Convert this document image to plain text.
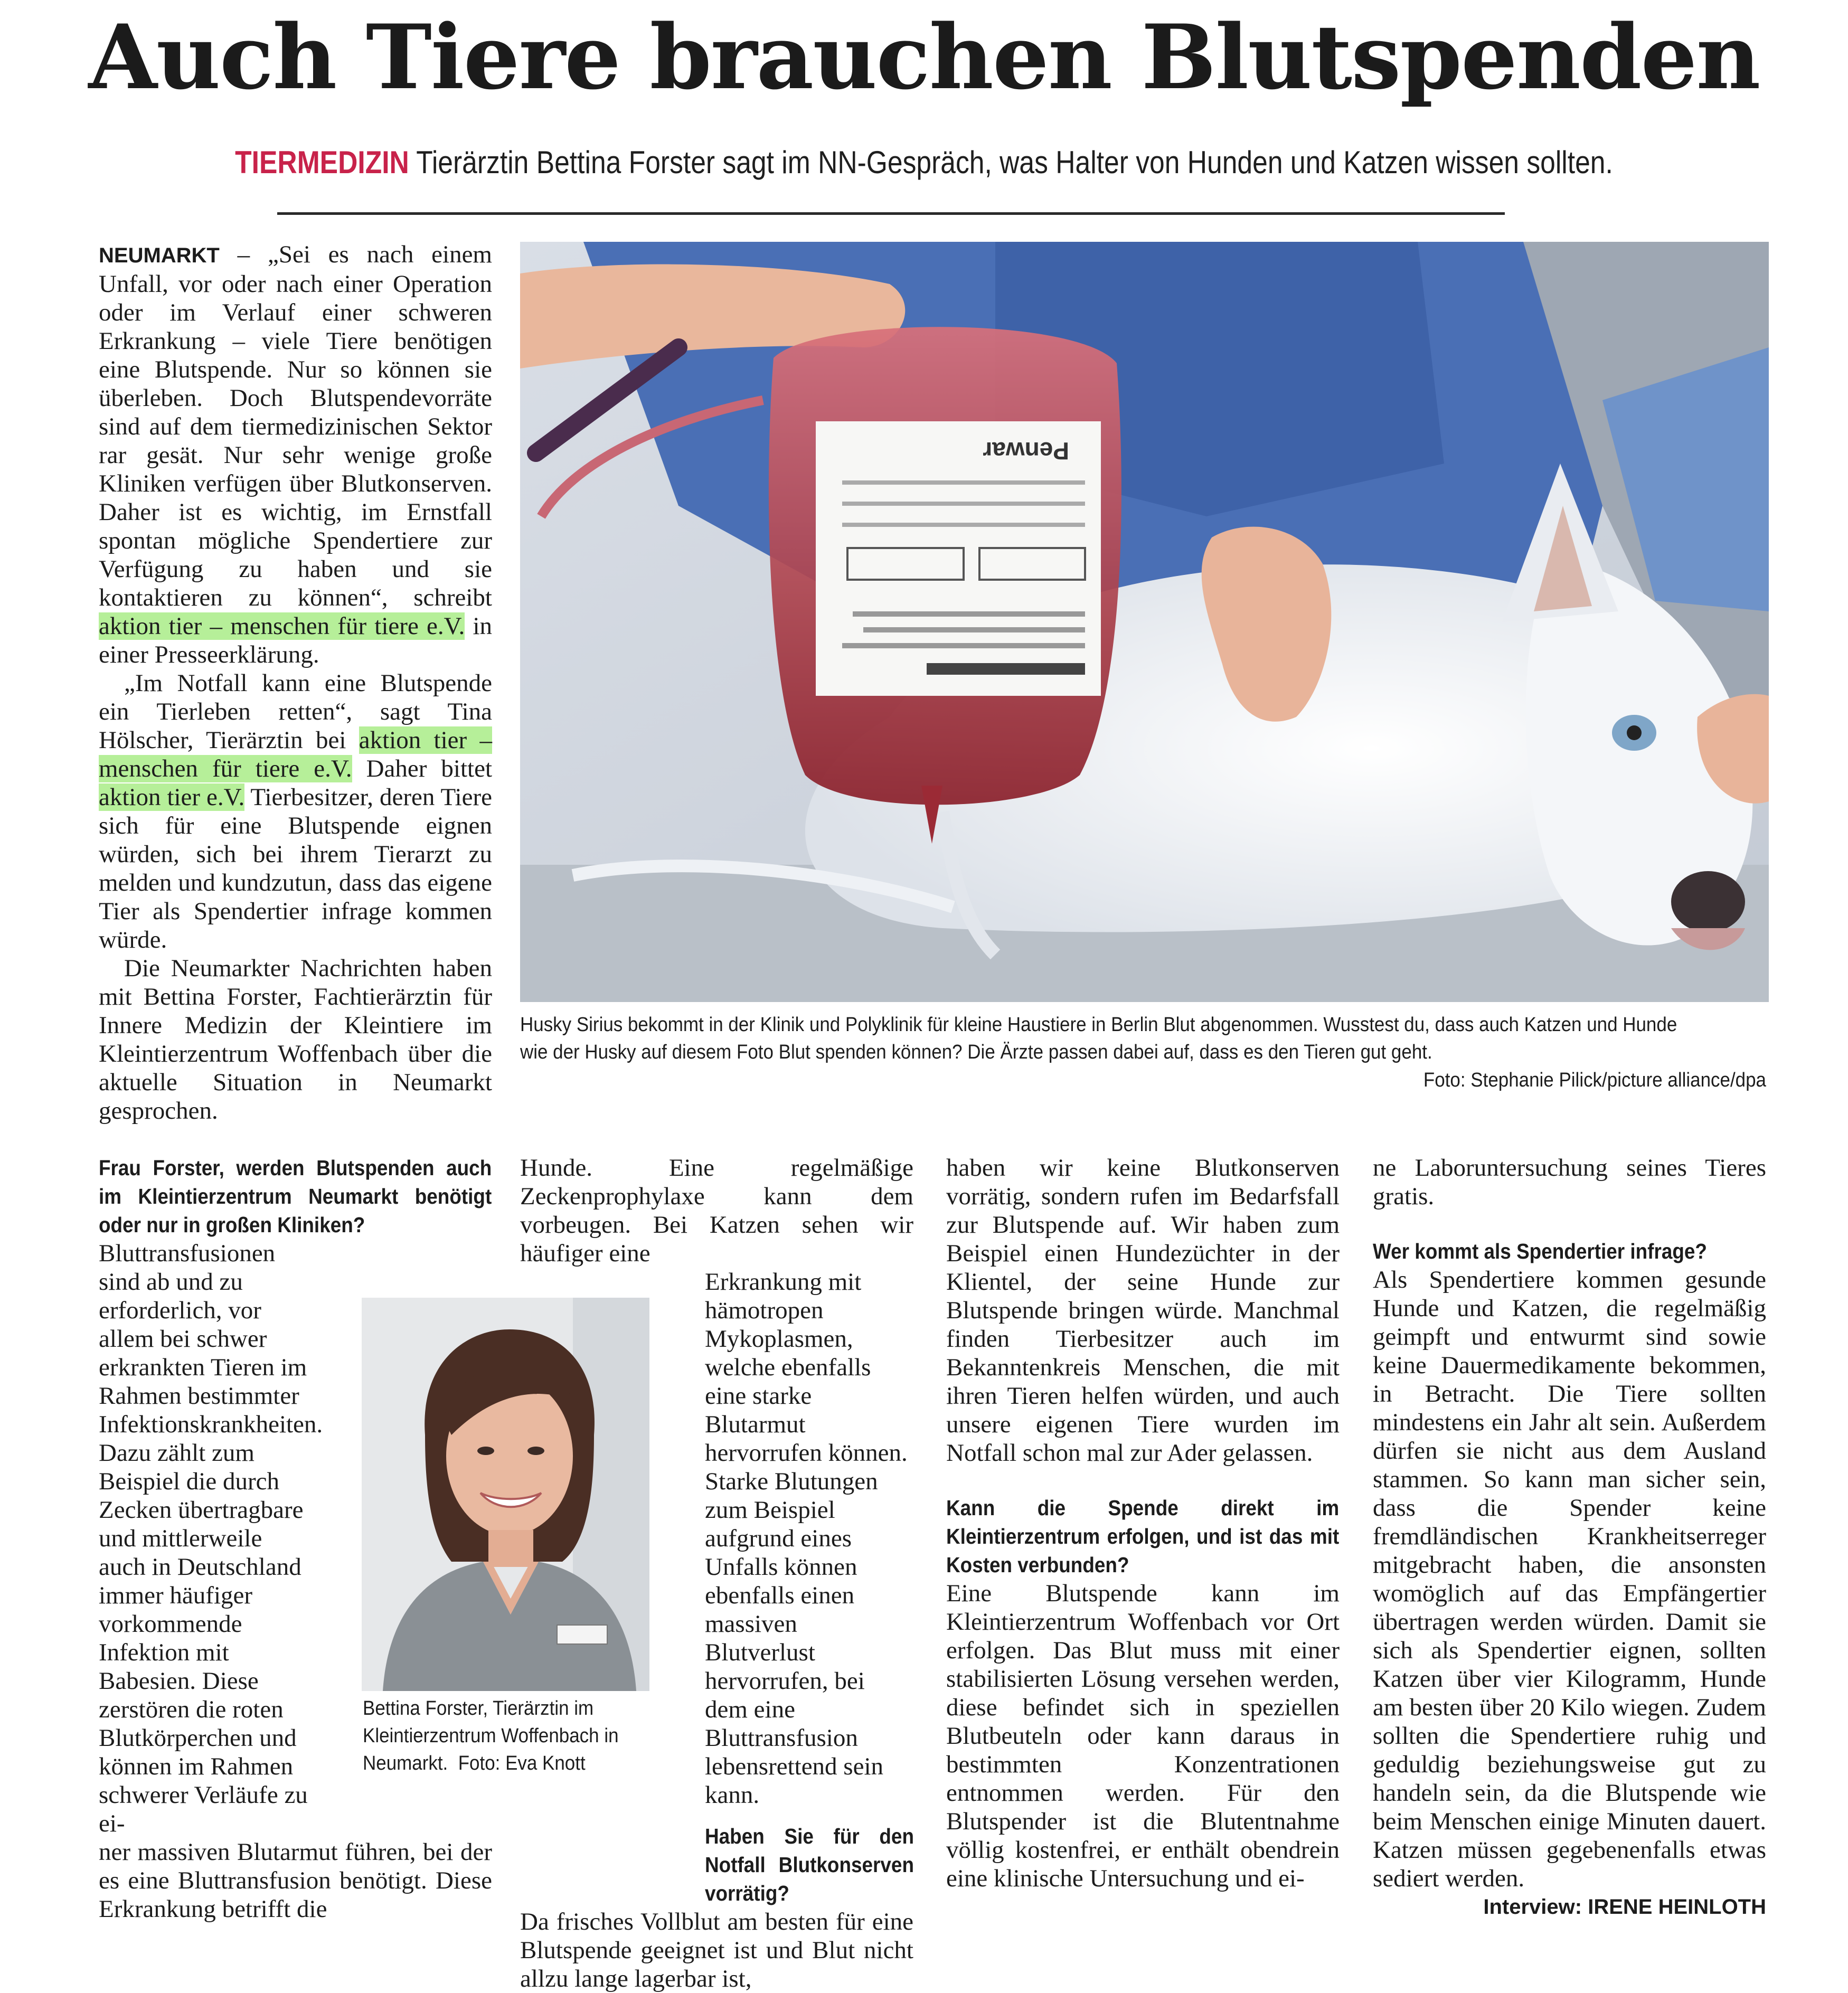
Auch Tiere brauchen Blutspenden
TIERMEDIZIN Tierärztin Bettina Forster sagt im NN-Gespräch, was Halter von Hunden und Katzen wissen sollten.

NEUMARKT – „Sei es nach einem Unfall, vor oder nach einer Operation oder im Verlauf einer schweren Erkrankung – viele Tiere benötigen eine Blutspende. Nur so können sie überleben. Doch Blutspendevorräte sind auf dem tiermedizinischen Sektor rar gesät. Nur sehr wenige große Kliniken verfügen über Blutkonserven. Daher ist es wichtig, im Ernstfall spontan mögliche Spendertiere zur Verfügung zu haben und sie kontaktieren zu können“, schreibt aktion tier – menschen für tiere e.V. in einer Presseerklärung.

„Im Notfall kann eine Blutspende ein Tierleben retten“, sagt Tina Hölscher, Tierärztin bei aktion tier – menschen für tiere e.V. Daher bittet aktion tier e.V. Tierbesitzer, deren Tiere sich für eine Blutspende eignen würden, sich bei ihrem Tierarzt zu melden und kundzutun, dass das eigene Tier als Spendertier infrage kommen würde.

Die Neumarkter Nachrichten haben mit Bettina Forster, Fachtierärztin für Innere Medizin der Kleintiere im Kleintierzentrum Woffenbach über die aktuelle Situation in Neumarkt gesprochen.

Penwar
Husky Sirius bekommt in der Klinik und Polyklinik für kleine Haustiere in Berlin Blut abgenommen. Wusstest du, dass auch Katzen und Hunde wie der Husky auf diesem Foto Blut spenden können? Die Ärzte passen dabei auf, dass es den Tieren gut geht.
Foto: Stephanie Pilick/picture alliance/dpa

Frau Forster, werden Blutspenden auch im Kleintierzentrum Neumarkt benötigt oder nur in großen Kliniken?

Bluttransfusionen sind ab und zu erforderlich, vor allem bei schwer erkrankten Tieren im Rahmen bestimmter Infektionskrankheiten. Dazu zählt zum Beispiel die durch Zecken übertragbare und mittlerweile auch in Deutschland immer häufiger vorkommende Infektion mit Babesien. Diese zerstören die roten Blutkörperchen und können im Rahmen schwerer Verläufe zu ei-

ner massiven Blutarmut führen, bei der es eine Bluttransfusion benötigt. Diese Erkrankung betrifft die

Bettina Forster, Tierärztin im Kleintierzentrum Woffenbach in Neumarkt. Foto: Eva Knott

Hunde. Eine regelmäßige Zeckenprophylaxe kann dem vorbeugen. Bei Katzen sehen wir häufiger eine

Erkrankung mit hämotropen Mykoplasmen, welche ebenfalls eine starke Blutarmut hervorrufen können. Starke Blutungen zum Beispiel aufgrund eines Unfalls können ebenfalls einen massiven Blutverlust hervorrufen, bei dem eine Bluttransfusion lebensrettend sein kann.

Haben Sie für den Notfall Blutkonserven vorrätig?

Da frisches Vollblut am besten für eine Blutspende geeignet ist und Blut nicht allzu lange lagerbar ist,

haben wir keine Blutkonserven vorrätig, sondern rufen im Bedarfsfall zur Blutspende auf. Wir haben zum Beispiel einen Hundezüchter in der Klientel, der seine Hunde zur Blutspende bringen würde. Manchmal finden Tierbesitzer auch im Bekanntenkreis Menschen, die mit ihren Tieren helfen würden, und auch unsere eigenen Tiere wurden im Notfall schon mal zur Ader gelassen.

Kann die Spende direkt im Kleintierzentrum erfolgen, und ist das mit Kosten verbunden?

Eine Blutspende kann im Kleintierzentrum Woffenbach vor Ort erfolgen. Das Blut muss mit einer stabilisierten Lösung versehen werden, diese befindet sich in speziellen Blutbeuteln oder kann daraus in bestimmten Konzentrationen entnommen werden. Für den Blutspender ist die Blutentnahme völlig kostenfrei, er enthält obendrein eine klinische Untersuchung und ei-

ne Laboruntersuchung seines Tieres gratis.

Wer kommt als Spendertier infrage?

Als Spendertiere kommen gesunde Hunde und Katzen, die regelmäßig geimpft und entwurmt sind sowie keine Dauermedikamente bekommen, in Betracht. Die Tiere sollten mindestens ein Jahr alt sein. Außerdem dürfen sie nicht aus dem Ausland stammen. So kann man sicher sein, dass die Spender keine fremdländischen Krankheitserreger mitgebracht haben, die ansonsten womöglich auf das Empfängertier übertragen werden würden. Damit sie sich als Spendertier eignen, sollten Katzen über vier Kilogramm, Hunde am besten über 20 Kilo wiegen. Zudem sollten die Spendertiere ruhig und geduldig beziehungsweise gut zu handeln sein, da die Blutspende wie beim Menschen einige Minuten dauert. Katzen müssen gegebenenfalls etwas sediert werden.

Interview: IRENE HEINLOTH
